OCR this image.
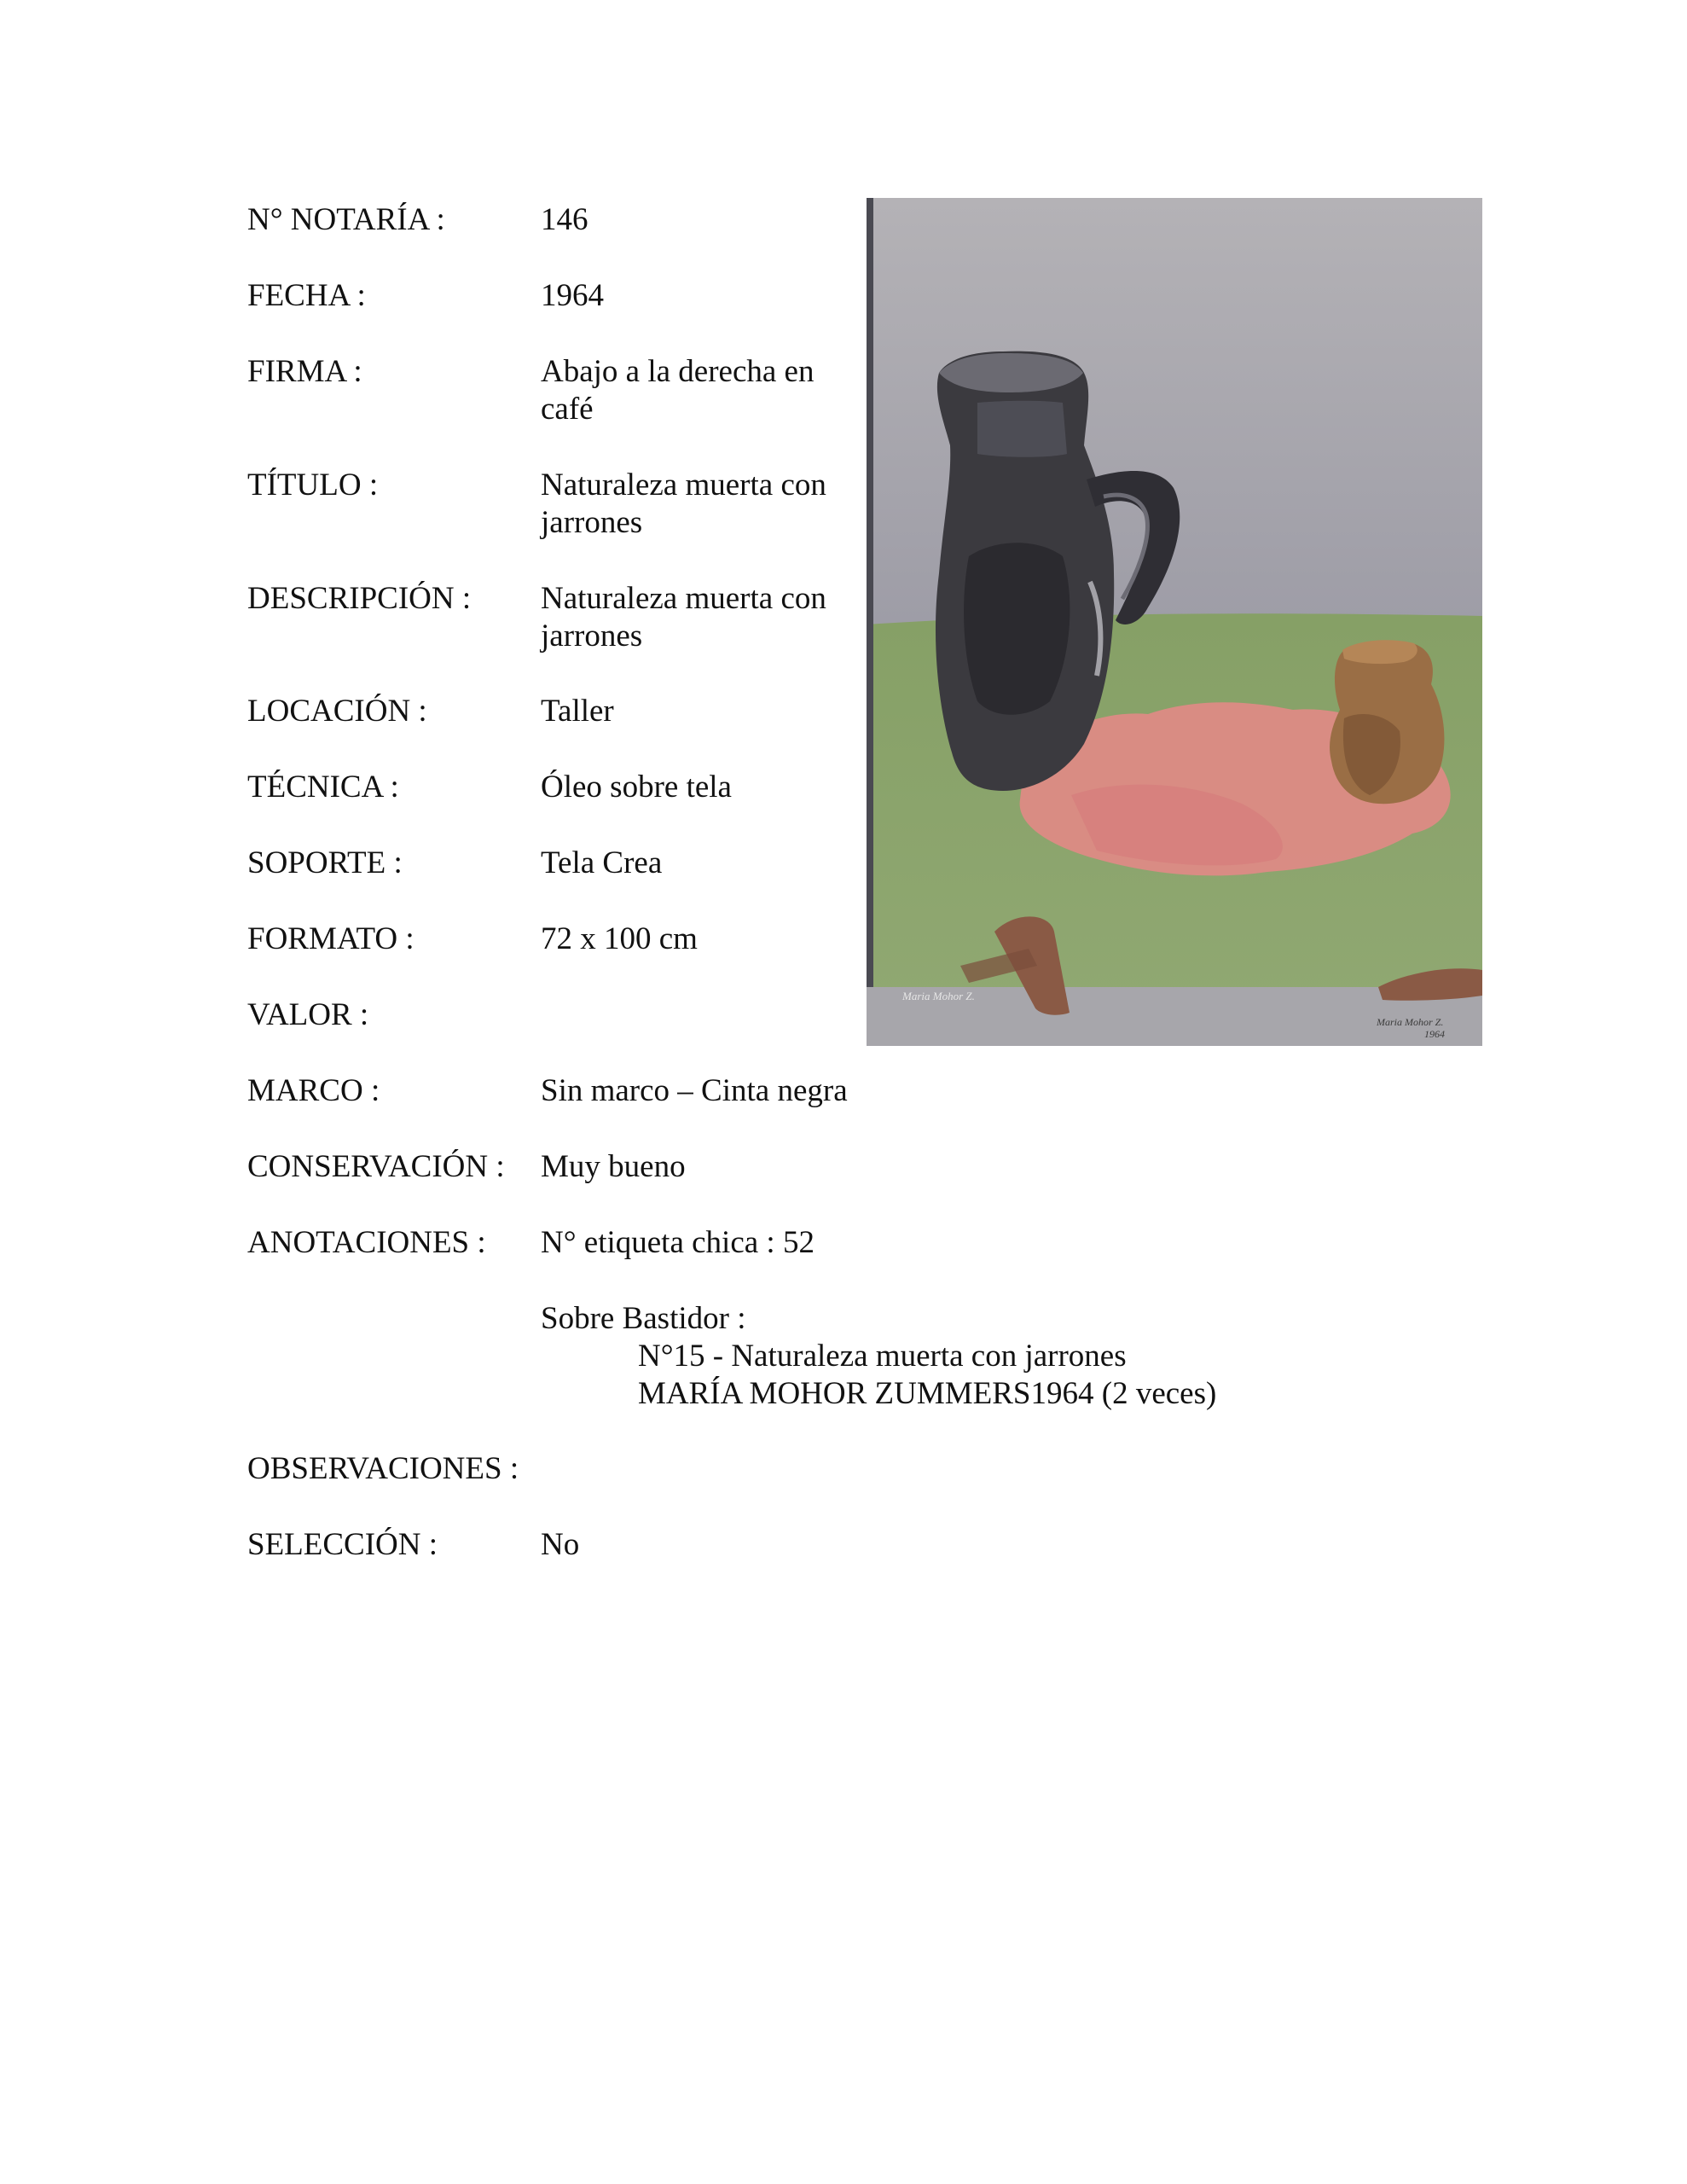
N° NOTARÍA :	146
FECHA :	1964
FIRMA :	Abajo a la derecha en café
TÍTULO :	Naturaleza muerta con jarrones
DESCRIPCIÓN : Naturaleza muerta con jarrones
LOCACIÓN :	Taller
TÉCNICA :	Óleo sobre tela
SOPORTE :	Tela Crea
FORMATO :	72 x 100 cm
VALOR :
MARCO :	Sin marco – Cinta negra
CONSERVACIÓN : Muy bueno
ANOTACIONES : N° etiqueta chica : 52
Sobre Bastidor :
N°15 - Naturaleza muerta con jarrones
MARÍA MOHOR ZUMMERS1964 (2 veces)
OBSERVACIONES :
SELECCIÓN :	No
Maria Mohor Z.
Maria Mohor Z.
1964
